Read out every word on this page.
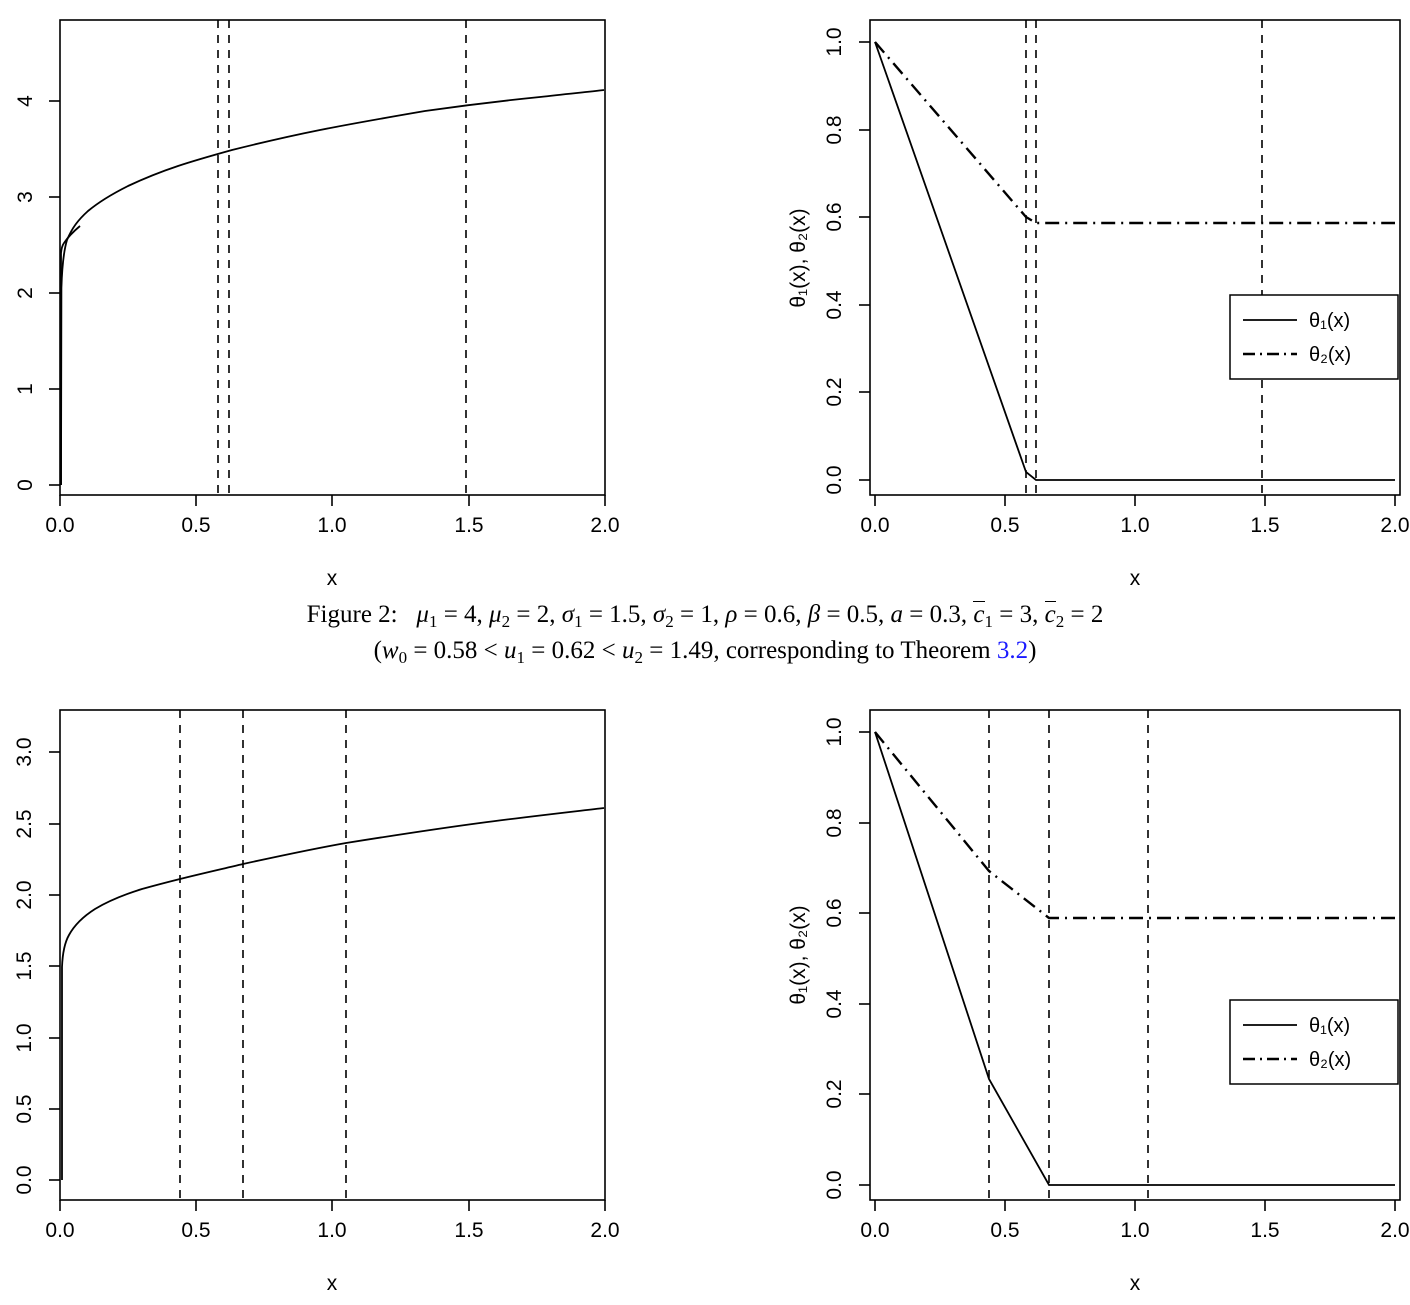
0.0	0.5	1.0	1.5	2.0
0
1
2
3
4
x
0.0	0.5	1.0	1.5	2.0
0.0
0.2
0.4
0.6
0.8
1.0
θ₁(x), θ₂(x)
θ₁(x)
θ₂(x)
x
Figure 2: μ1 = 4, μ2 = 2, σ1 = 1.5, σ2 = 1, ρ = 0.6, β = 0.5, a = 0.3, c1 = 3, c2 = 2
(w0 = 0.58 < u1 = 0.62 < u2 = 1.49, corresponding to Theorem 3.2)
0.0	0.5	1.0	1.5	2.0
0.0
0.5
1.0
1.5
2.0
2.5
3.0
x
0.0	0.5	1.0	1.5	2.0
0.0
0.2
0.4
0.6
0.8
1.0
θ₁(x), θ₂(x)
θ₁(x)
θ₂(x)
x
